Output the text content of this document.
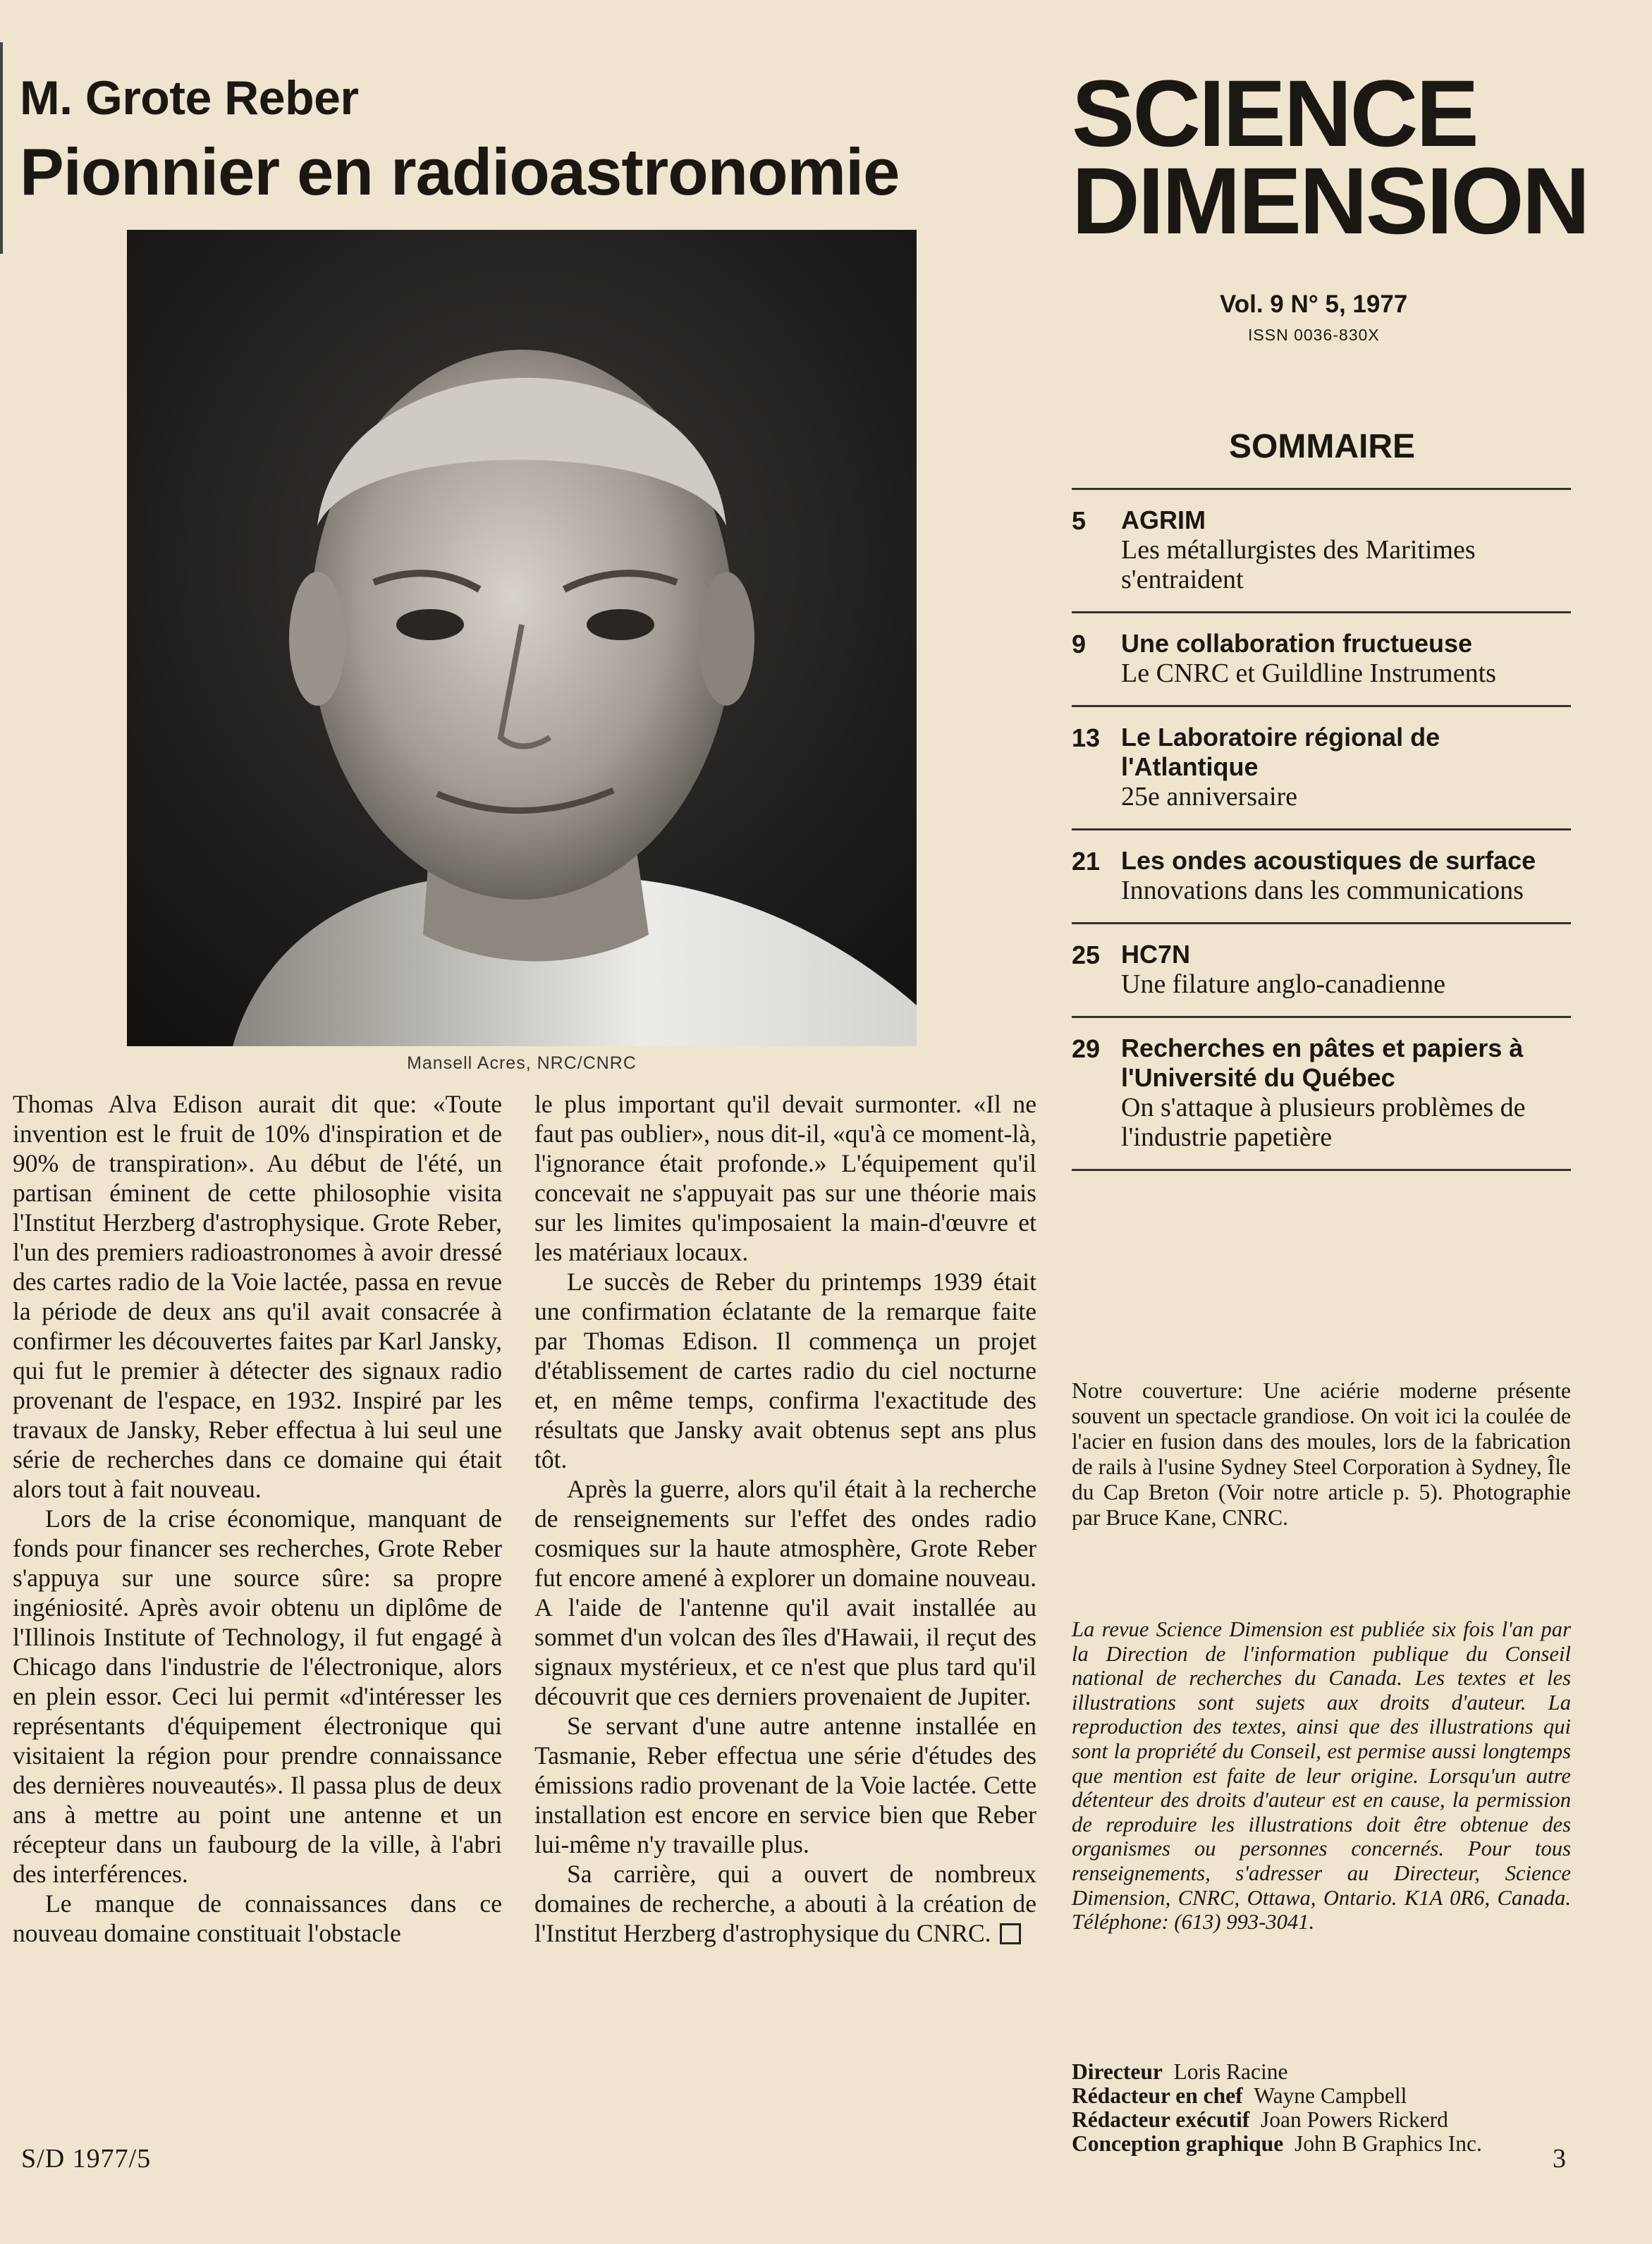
M. Grote Reber
Pionnier en radioastronomie
Mansell Acres, NRC/CNRC

Thomas Alva Edison aurait dit que: «Toute invention est le fruit de 10% d'inspiration et de 90% de transpiration». Au début de l'été, un partisan éminent de cette philosophie visita l'Institut Herzberg d'astrophysique. Grote Reber, l'un des premiers radioastronomes à avoir dressé des cartes radio de la Voie lactée, passa en revue la période de deux ans qu'il avait consacrée à confirmer les découvertes faites par Karl Jansky, qui fut le premier à détecter des signaux radio provenant de l'espace, en 1932. Inspiré par les travaux de Jansky, Reber effectua à lui seul une série de recherches dans ce domaine qui était alors tout à fait nouveau.

Lors de la crise économique, manquant de fonds pour financer ses recherches, Grote Reber s'appuya sur une source sûre: sa propre ingéniosité. Après avoir obtenu un diplôme de l'Illinois Institute of Technology, il fut engagé à Chicago dans l'industrie de l'électronique, alors en plein essor. Ceci lui permit «d'intéresser les représentants d'équipement électronique qui visitaient la région pour prendre connaissance des dernières nouveautés». Il passa plus de deux ans à mettre au point une antenne et un récepteur dans un faubourg de la ville, à l'abri des interférences.

Le manque de connaissances dans ce nouveau domaine constituait l'obstacle

le plus important qu'il devait surmonter. «Il ne faut pas oublier», nous dit-il, «qu'à ce moment-là, l'ignorance était profonde.» L'équipement qu'il concevait ne s'appuyait pas sur une théorie mais sur les limites qu'imposaient la main-d'œuvre et les matériaux locaux.

Le succès de Reber du printemps 1939 était une confirmation éclatante de la remarque faite par Thomas Edison. Il commença un projet d'établissement de cartes radio du ciel nocturne et, en même temps, confirma l'exactitude des résultats que Jansky avait obtenus sept ans plus tôt.

Après la guerre, alors qu'il était à la recherche de renseignements sur l'effet des ondes radio cosmiques sur la haute atmosphère, Grote Reber fut encore amené à explorer un domaine nouveau. A l'aide de l'antenne qu'il avait installée au sommet d'un volcan des îles d'Hawaii, il reçut des signaux mystérieux, et ce n'est que plus tard qu'il découvrit que ces derniers provenaient de Jupiter.

Se servant d'une autre antenne installée en Tasmanie, Reber effectua une série d'études des émissions radio provenant de la Voie lactée. Cette installation est encore en service bien que Reber lui-même n'y travaille plus.

Sa carrière, qui a ouvert de nombreux domaines de recherche, a abouti à la création de l'Institut Herzberg d'astrophysique du CNRC.

SCIENCE
DIMENSION
Vol. 9 N° 5, 1977
ISSN 0036-830X
SOMMAIRE
5 AGRIM
Les métallurgistes des Maritimes s'entraident
9 Une collaboration fructueuse
Le CNRC et Guildline Instruments
13 Le Laboratoire régional de l'Atlantique
25e anniversaire
21 Les ondes acoustiques de surface
Innovations dans les communications
25 HC7N
Une filature anglo-canadienne
29 Recherches en pâtes et papiers à l'Université du Québec
On s'attaque à plusieurs problèmes de l'industrie papetière
Notre couverture: Une aciérie moderne présente souvent un spectacle grandiose. On voit ici la coulée de l'acier en fusion dans des moules, lors de la fabrication de rails à l'usine Sydney Steel Corporation à Sydney, Île du Cap Breton (Voir notre article p. 5). Photographie par Bruce Kane, CNRC.
La revue Science Dimension est publiée six fois l'an par la Direction de l'information publique du Conseil national de recherches du Canada. Les textes et les illustrations sont sujets aux droits d'auteur. La reproduction des textes, ainsi que des illustrations qui sont la propriété du Conseil, est permise aussi longtemps que mention est faite de leur origine. Lorsqu'un autre détenteur des droits d'auteur est en cause, la permission de reproduire les illustrations doit être obtenue des organismes ou personnes concernés. Pour tous renseignements, s'adresser au Directeur, Science Dimension, CNRC, Ottawa, Ontario. K1A 0R6, Canada. Téléphone: (613) 993-3041.
Directeur Loris Racine
Rédacteur en chef Wayne Campbell
Rédacteur exécutif Joan Powers Rickerd
Conception graphique John B Graphics Inc.
S/D 1977/5	3
